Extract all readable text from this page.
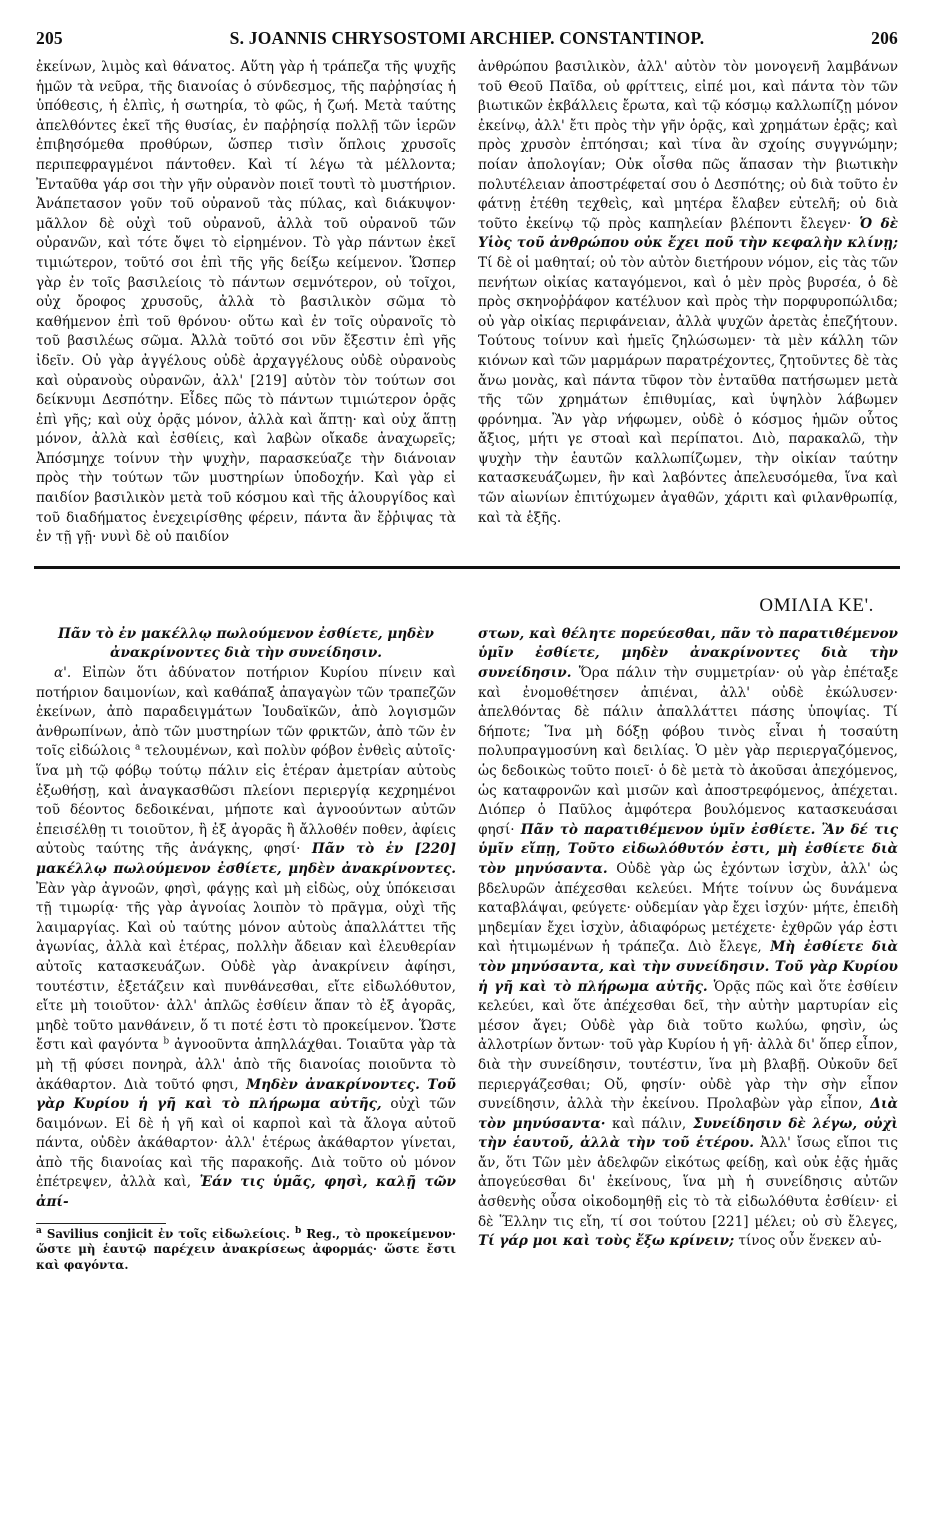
205	S. JOANNIS CHRYSOSTOMI ARCHIEP. CONSTANTINOP.	206

ἐκείνων, λιμὸς καὶ θάνατος. Αὕτη γὰρ ἡ τράπεζα τῆς ψυχῆς ἡμῶν τὰ νεῦρα, τῆς διανοίας ὁ σύνδεσμος, τῆς παῤῥησίας ἡ ὑπόθεσις, ἡ ἐλπὶς, ἡ σωτηρία, τὸ φῶς, ἡ ζωή. Μετὰ ταύτης ἀπελθόντες ἐκεῖ τῆς θυσίας, ἐν παῤῥησίᾳ πολλῇ τῶν ἱερῶν ἐπιβησόμεθα προθύρων, ὥσπερ τισὶν ὅπλοις χρυσοῖς περιπεφραγμένοι πάντοθεν. Καὶ τί λέγω τὰ μέλλοντα; Ἐνταῦθα γάρ σοι τὴν γῆν οὐρανὸν ποιεῖ τουτὶ τὸ μυστήριον. Ἀνάπετασον γοῦν τοῦ οὐρανοῦ τὰς πύλας, καὶ διάκυψον· μᾶλλον δὲ οὐχὶ τοῦ οὐρανοῦ, ἀλλὰ τοῦ οὐρανοῦ τῶν οὐρανῶν, καὶ τότε ὄψει τὸ εἰρημένον. Τὸ γὰρ πάντων ἐκεῖ τιμιώτερον, τοῦτό σοι ἐπὶ τῆς γῆς δείξω κείμενον. Ὥσπερ γὰρ ἐν τοῖς βασιλείοις τὸ πάντων σεμνότερον, οὐ τοῖχοι, οὐχ ὄροφος χρυσοῦς, ἀλλὰ τὸ βασιλικὸν σῶμα τὸ καθήμενον ἐπὶ τοῦ θρόνου· οὕτω καὶ ἐν τοῖς οὐρανοῖς τὸ τοῦ βασιλέως σῶμα. Ἀλλὰ τοῦτό σοι νῦν ἔξεστιν ἐπὶ γῆς ἰδεῖν. Οὐ γὰρ ἀγγέλους οὐδὲ ἀρχαγγέλους οὐδὲ οὐρανοὺς καὶ οὐρανοὺς οὐρανῶν, ἀλλ' [219] αὐτὸν τὸν τούτων σοι δείκνυμι Δεσπότην. Εἶδες πῶς τὸ πάντων τιμιώτερον ὁρᾷς ἐπὶ γῆς; καὶ οὐχ ὁρᾷς μόνον, ἀλλὰ καὶ ἅπτῃ· καὶ οὐχ ἅπτῃ μόνον, ἀλλὰ καὶ ἐσθίεις, καὶ λαβὼν οἴκαδε ἀναχωρεῖς; Ἀπόσμηχε τοίνυν τὴν ψυχὴν, παρασκεύαζε τὴν διάνοιαν πρὸς τὴν τούτων τῶν μυστηρίων ὑποδοχήν. Καὶ γὰρ εἰ παιδίον βασιλικὸν μετὰ τοῦ κόσμου καὶ τῆς ἁλουργίδος καὶ τοῦ διαδήματος ἐνεχειρίσθης φέρειν, πάντα ἂν ἔῤῥιψας τὰ ἐν τῇ γῇ· νυνὶ δὲ οὐ παιδίον

ἀνθρώπου βασιλικὸν, ἀλλ' αὐτὸν τὸν μονογενῆ λαμβάνων τοῦ Θεοῦ Παῖδα, οὐ φρίττεις, εἰπέ μοι, καὶ πάντα τὸν τῶν βιωτικῶν ἐκβάλλεις ἔρωτα, καὶ τῷ κόσμῳ καλλωπίζῃ μόνον ἐκείνῳ, ἀλλ' ἔτι πρὸς τὴν γῆν ὁρᾷς, καὶ χρημάτων ἐρᾷς; καὶ πρὸς χρυσὸν ἐπτόησαι; καὶ τίνα ἂν σχοίης συγγνώμην; ποίαν ἀπολογίαν; Οὐκ οἶσθα πῶς ἅπασαν τὴν βιωτικὴν πολυτέλειαν ἀποστρέφεταί σου ὁ Δεσπότης; οὐ διὰ τοῦτο ἐν φάτνῃ ἐτέθη τεχθεὶς, καὶ μητέρα ἔλαβεν εὐτελῆ; οὐ διὰ τοῦτο ἐκείνῳ τῷ πρὸς καπηλείαν βλέποντι ἔλεγεν· Ὁ δὲ Υἱὸς τοῦ ἀνθρώπου οὐκ ἔχει ποῦ τὴν κεφαλὴν κλίνῃ; Τί δὲ οἱ μαθηταί; οὐ τὸν αὐτὸν διετήρουν νόμον, εἰς τὰς τῶν πενήτων οἰκίας καταγόμενοι, καὶ ὁ μὲν πρὸς βυρσέα, ὁ δὲ πρὸς σκηνοῤῥάφον κατέλυον καὶ πρὸς τὴν πορφυροπώλιδα; οὐ γὰρ οἰκίας περιφάνειαν, ἀλλὰ ψυχῶν ἀρετὰς ἐπεζήτουν. Τούτους τοίνυν καὶ ἡμεῖς ζηλώσωμεν· τὰ μὲν κάλλη τῶν κιόνων καὶ τῶν μαρμάρων παρατρέχοντες, ζητοῦντες δὲ τὰς ἄνω μονὰς, καὶ πάντα τῦφον τὸν ἐνταῦθα πατήσωμεν μετὰ τῆς τῶν χρημάτων ἐπιθυμίας, καὶ ὑψηλὸν λάβωμεν φρόνημα. Ἂν γὰρ νήφωμεν, οὐδὲ ὁ κόσμος ἡμῶν οὗτος ἄξιος, μήτι γε στοαὶ καὶ περίπατοι. Διὸ, παρακαλῶ, τὴν ψυχὴν τὴν ἑαυτῶν καλλωπίζωμεν, τὴν οἰκίαν ταύτην κατασκευάζωμεν, ἣν καὶ λαβόντες ἀπελευσόμεθα, ἵνα καὶ τῶν αἰωνίων ἐπιτύχωμεν ἀγαθῶν, χάριτι καὶ φιλανθρωπίᾳ, καὶ τὰ ἑξῆς.

ΟΜΙΛΙΑ ΚΕ'.

Πᾶν τὸ ἐν μακέλλῳ πωλούμενον ἐσθίετε, μηδὲν ἀνακρίνοντες διὰ τὴν συνείδησιν.

α'. Εἰπὼν ὅτι ἀδύνατον ποτήριον Κυρίου πίνειν καὶ ποτήριον δαιμονίων, καὶ καθάπαξ ἀπαγαγὼν τῶν τραπεζῶν ἐκείνων, ἀπὸ παραδειγμάτων Ἰουδαϊκῶν, ἀπὸ λογισμῶν ἀνθρωπίνων, ἀπὸ τῶν μυστηρίων τῶν φρικτῶν, ἀπὸ τῶν ἐν τοῖς εἰδώλοις $^a$ τελουμένων, καὶ πολὺν φόβον ἐνθεὶς αὐτοῖς· ἵνα μὴ τῷ φόβῳ τούτῳ πάλιν εἰς ἑτέραν ἀμετρίαν αὐτοὺς ἐξωθήσῃ, καὶ ἀναγκασθῶσι πλείονι περιεργίᾳ κεχρημένοι τοῦ δέοντος δεδοικέναι, μήποτε καὶ ἀγνοούντων αὐτῶν ἐπεισέλθῃ τι τοιοῦτον, ἢ ἐξ ἀγορᾶς ἢ ἄλλοθέν ποθεν, ἀφίεις αὐτοὺς ταύτης τῆς ἀνάγκης, φησί· Πᾶν τὸ ἐν [220] μακέλλῳ πωλούμενον ἐσθίετε, μηδὲν ἀνακρίνοντες. Ἐὰν γὰρ ἀγνοῶν, φησὶ, φάγῃς καὶ μὴ εἰδὼς, οὐχ ὑπόκεισαι τῇ τιμωρίᾳ· τῆς γὰρ ἀγνοίας λοιπὸν τὸ πρᾶγμα, οὐχὶ τῆς λαιμαργίας. Καὶ οὐ ταύτης μόνον αὐτοὺς ἀπαλλάττει τῆς ἀγωνίας, ἀλλὰ καὶ ἑτέρας, πολλὴν ἄδειαν καὶ ἐλευθερίαν αὐτοῖς κατασκευάζων. Οὐδὲ γὰρ ἀνακρίνειν ἀφίησι, τουτέστιν, ἐξετάζειν καὶ πυνθάνεσθαι, εἴτε εἰδωλόθυτον, εἴτε μὴ τοιοῦτον· ἀλλ' ἁπλῶς ἐσθίειν ἅπαν τὸ ἐξ ἀγορᾶς, μηδὲ τοῦτο μανθάνειν, ὅ τι ποτέ ἐστι τὸ προκείμενον. Ὥστε ἔστι καὶ φαγόντα $^b$ ἀγνοοῦντα ἀπηλλάχθαι. Τοιαῦτα γὰρ τὰ μὴ τῇ φύσει πονηρὰ, ἀλλ' ἀπὸ τῆς διανοίας ποιοῦντα τὸ ἀκάθαρτον. Διὰ τοῦτό φησι, Μηδὲν ἀνακρίνοντες. Τοῦ γὰρ Κυρίου ἡ γῆ καὶ τὸ πλήρωμα αὐτῆς, οὐχὶ τῶν δαιμόνων. Εἰ δὲ ἡ γῆ καὶ οἱ καρποὶ καὶ τὰ ἄλογα αὐτοῦ πάντα, οὐδὲν ἀκάθαρτον· ἀλλ' ἑτέρως ἀκάθαρτον γίνεται, ἀπὸ τῆς διανοίας καὶ τῆς παρακοῆς. Διὰ τοῦτο οὐ μόνον ἐπέτρεψεν, ἀλλὰ καὶ, Ἐάν τις ὑμᾶς, φησὶ, καλῇ τῶν ἀπί-

$^a$ Savilius conjicit ἐν τοῖς εἰδωλείοις. $^b$ Reg., τὸ προκείμενον· ὥστε μὴ ἑαυτῷ παρέχειν ἀνακρίσεως ἀφορμάς· ὥστε ἔστι καὶ φαγόντα.

στων, καὶ θέλητε πορεύεσθαι, πᾶν τὸ παρατιθέμενον ὑμῖν ἐσθίετε, μηδὲν ἀνακρίνοντες διὰ τὴν συνείδησιν. Ὅρα πάλιν τὴν συμμετρίαν· οὐ γὰρ ἐπέταξε καὶ ἐνομοθέτησεν ἀπιέναι, ἀλλ' οὐδὲ ἐκώλυσεν· ἀπελθόντας δὲ πάλιν ἀπαλλάττει πάσης ὑποψίας. Τί δήποτε; Ἵνα μὴ δόξῃ φόβου τινὸς εἶναι ἡ τοσαύτη πολυπραγμοσύνη καὶ δειλίας. Ὁ μὲν γὰρ περιεργαζόμενος, ὡς δεδοικὼς τοῦτο ποιεῖ· ὁ δὲ μετὰ τὸ ἀκοῦσαι ἀπεχόμενος, ὡς καταφρονῶν καὶ μισῶν καὶ ἀποστρεφόμενος, ἀπέχεται. Διόπερ ὁ Παῦλος ἀμφότερα βουλόμενος κατασκευάσαι φησί· Πᾶν τὸ παρατιθέμενον ὑμῖν ἐσθίετε. Ἂν δέ τις ὑμῖν εἴπῃ, Τοῦτο εἰδωλόθυτόν ἐστι, μὴ ἐσθίετε διὰ τὸν μηνύσαντα. Οὐδὲ γὰρ ὡς ἐχόντων ἰσχὺν, ἀλλ' ὡς βδελυρῶν ἀπέχεσθαι κελεύει. Μήτε τοίνυν ὡς δυνάμενα καταβλάψαι, φεύγετε· οὐδεμίαν γὰρ ἔχει ἰσχύν· μήτε, ἐπειδὴ μηδεμίαν ἔχει ἰσχὺν, ἀδιαφόρως μετέχετε· ἐχθρῶν γάρ ἐστι καὶ ἠτιμωμένων ἡ τράπεζα. Διὸ ἔλεγε, Μὴ ἐσθίετε διὰ τὸν μηνύσαντα, καὶ τὴν συνείδησιν. Τοῦ γὰρ Κυρίου ἡ γῆ καὶ τὸ πλήρωμα αὐτῆς. Ὁρᾷς πῶς καὶ ὅτε ἐσθίειν κελεύει, καὶ ὅτε ἀπέχεσθαι δεῖ, τὴν αὐτὴν μαρτυρίαν εἰς μέσον ἄγει; Οὐδὲ γὰρ διὰ τοῦτο κωλύω, φησὶν, ὡς ἀλλοτρίων ὄντων· τοῦ γὰρ Κυρίου ἡ γῆ· ἀλλὰ δι' ὅπερ εἶπον, διὰ τὴν συνείδησιν, τουτέστιν, ἵνα μὴ βλαβῇ. Οὐκοῦν δεῖ περιεργάζεσθαι; Οὔ, φησίν· οὐδὲ γὰρ τὴν σὴν εἶπον συνείδησιν, ἀλλὰ τὴν ἐκείνου. Προλαβὼν γὰρ εἶπον, Διὰ τὸν μηνύσαντα· καὶ πάλιν, Συνείδησιν δὲ λέγω, οὐχὶ τὴν ἑαυτοῦ, ἀλλὰ τὴν τοῦ ἑτέρου. Ἀλλ' ἴσως εἴποι τις ἄν, ὅτι Τῶν μὲν ἀδελφῶν εἰκότως φείδῃ, καὶ οὐκ ἐᾷς ἡμᾶς ἀπογεύεσθαι δι' ἐκείνους, ἵνα μὴ ἡ συνείδησις αὐτῶν ἀσθενὴς οὖσα οἰκοδομηθῇ εἰς τὸ τὰ εἰδωλόθυτα ἐσθίειν· εἰ δὲ Ἕλλην τις εἴη, τί σοι τούτου [221] μέλει; οὐ σὺ ἔλεγες, Τί γάρ μοι καὶ τοὺς ἔξω κρίνειν; τίνος οὖν ἕνεκεν αὐ-
